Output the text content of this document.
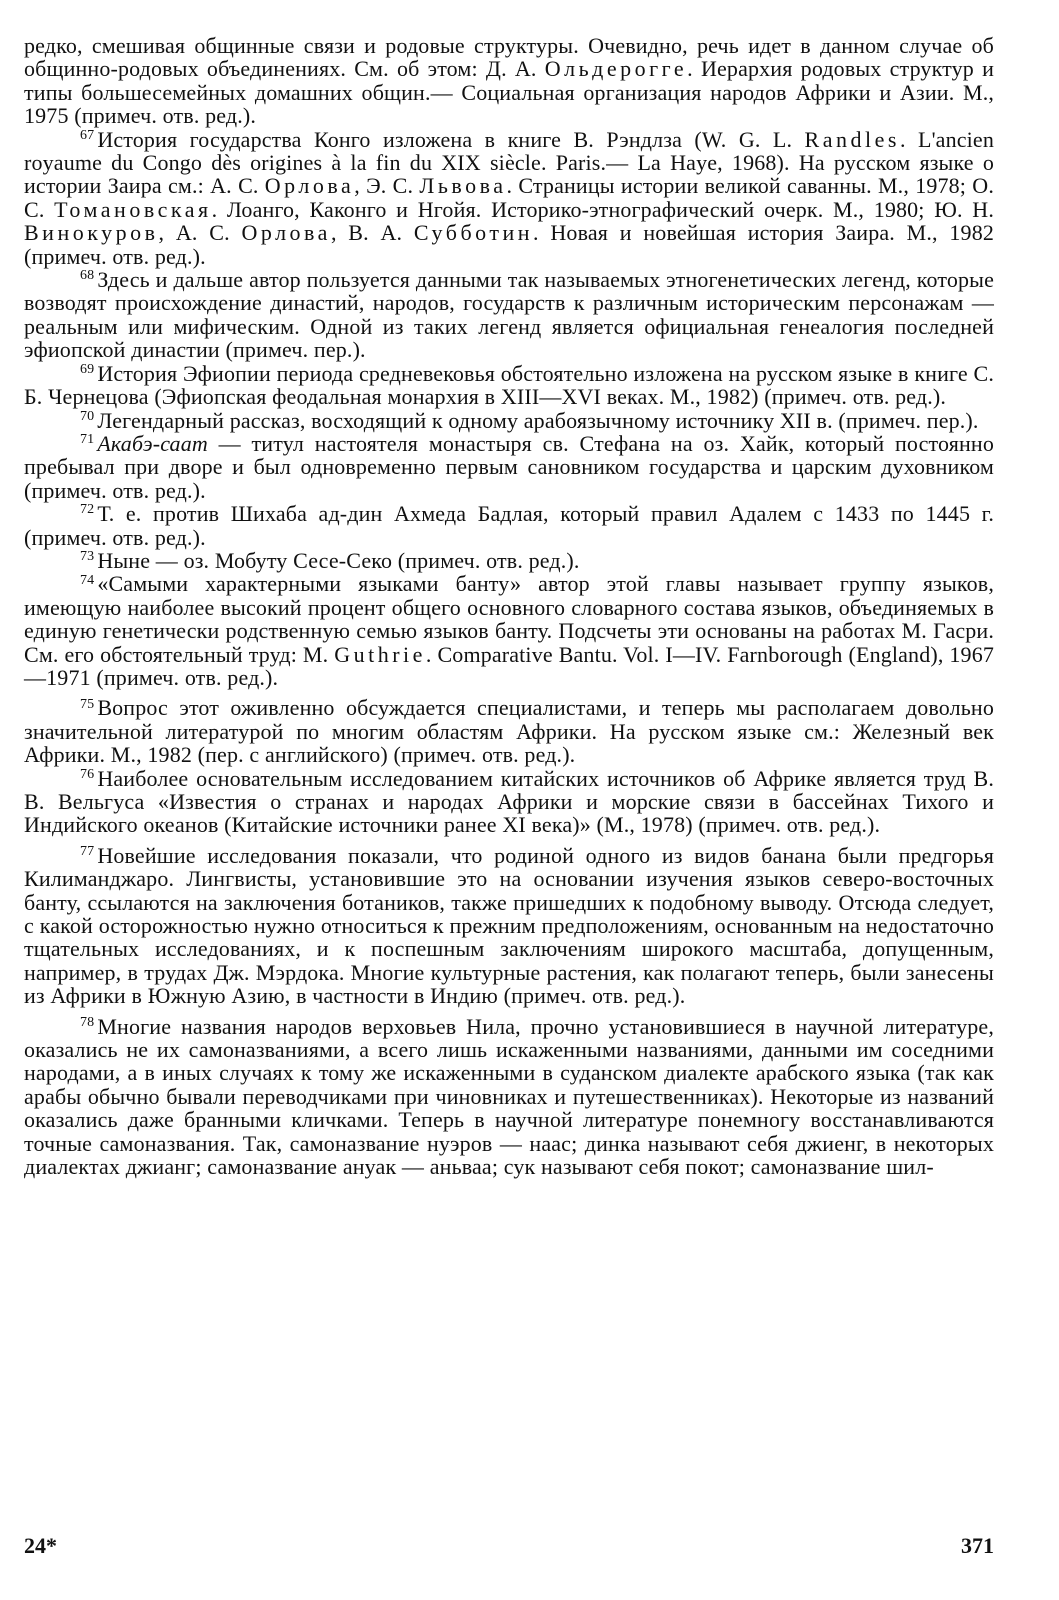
редко, смешивая общинные связи и родовые структуры. Очевидно, речь идет в данном случае об общинно-родовых объединениях. См. об этом: Д. А. Ольдерогге. Иерархия родовых структур и типы большесемейных домашних общин.— Социальная организация народов Африки и Азии. М., 1975 (примеч. отв. ред.).

$^{67}$ История государства Конго изложена в книге В. Рэндлза (W. G. L. Randles. L'ancien royaume du Congo dès origines à la fin du XIX siècle. Paris.— La Haye, 1968). На русском языке о истории Заира см.: А. С. Орлова, Э. С. Львова. Страницы истории великой саванны. М., 1978; О. С. Томановская. Лоанго, Каконго и Нгойя. Историко-этнографический очерк. М., 1980; Ю. Н. Винокуров, А. С. Орлова, В. А. Субботин. Новая и новейшая история Заира. М., 1982 (примеч. отв. ред.).

$^{68}$ Здесь и дальше автор пользуется данными так называемых этногенетических легенд, которые возводят происхождение династий, народов, государств к различным историческим персонажам — реальным или мифическим. Одной из таких легенд является официальная генеалогия последней эфиопской династии (примеч. пер.).

$^{69}$ История Эфиопии периода средневековья обстоятельно изложена на русском языке в книге С. Б. Чернецова (Эфиопская феодальная монархия в XIII—XVI веках. М., 1982) (примеч. отв. ред.).

$^{70}$ Легендарный рассказ, восходящий к одному арабоязычному источнику XII в. (примеч. пер.).

$^{71}$ Акабэ-саат — титул настоятеля монастыря св. Стефана на оз. Хайк, который постоянно пребывал при дворе и был одновременно первым сановником государства и царским духовником (примеч. отв. ред.).

$^{72}$ Т. е. против Шихаба ад-дин Ахмеда Бадлая, который правил Адалем с 1433 по 1445 г. (примеч. отв. ред.).

$^{73}$ Ныне — оз. Мобуту Сесе-Секо (примеч. отв. ред.).

$^{74}$ «Самыми характерными языками банту» автор этой главы называет группу языков, имеющую наиболее высокий процент общего основного словарного состава языков, объединяемых в единую генетически родственную семью языков банту. Подсчеты эти основаны на работах М. Гасри. См. его обстоятельный труд: M. Guthrie. Comparative Bantu. Vol. I—IV. Farnborough (England), 1967—1971 (примеч. отв. ред.).

$^{75}$ Вопрос этот оживленно обсуждается специалистами, и теперь мы располагаем довольно значительной литературой по многим областям Африки. На русском языке см.: Железный век Африки. М., 1982 (пер. с английского) (примеч. отв. ред.).

$^{76}$ Наиболее основательным исследованием китайских источников об Африке является труд В. В. Вельгуса «Известия о странах и народах Африки и морские связи в бассейнах Тихого и Индийского океанов (Китайские источники ранее XI века)» (М., 1978) (примеч. отв. ред.).

$^{77}$ Новейшие исследования показали, что родиной одного из видов банана были предгорья Килиманджаро. Лингвисты, установившие это на основании изучения языков северо-восточных банту, ссылаются на заключения ботаников, также пришедших к подобному выводу. Отсюда следует, с какой осторожностью нужно относиться к прежним предположениям, основанным на недостаточно тщательных исследованиях, и к поспешным заключениям широкого масштаба, допущенным, например, в трудах Дж. Мэрдока. Многие культурные растения, как полагают теперь, были занесены из Африки в Южную Азию, в частности в Индию (примеч. отв. ред.).

$^{78}$ Многие названия народов верховьев Нила, прочно установившиеся в научной литературе, оказались не их самоназваниями, а всего лишь искаженными названиями, данными им соседними народами, а в иных случаях к тому же искаженными в суданском диалекте арабского языка (так как арабы обычно бывали переводчиками при чиновниках и путешественниках). Некоторые из названий оказались даже бранными кличками. Теперь в научной литературе понемногу восстанавливаются точные самоназвания. Так, самоназвание нуэров — наас; динка называют себя джиенг, в некоторых диалектах джианг; самоназвание ануак — аньваа; сук называют себя покот; самоназвание шил-

24*	371
